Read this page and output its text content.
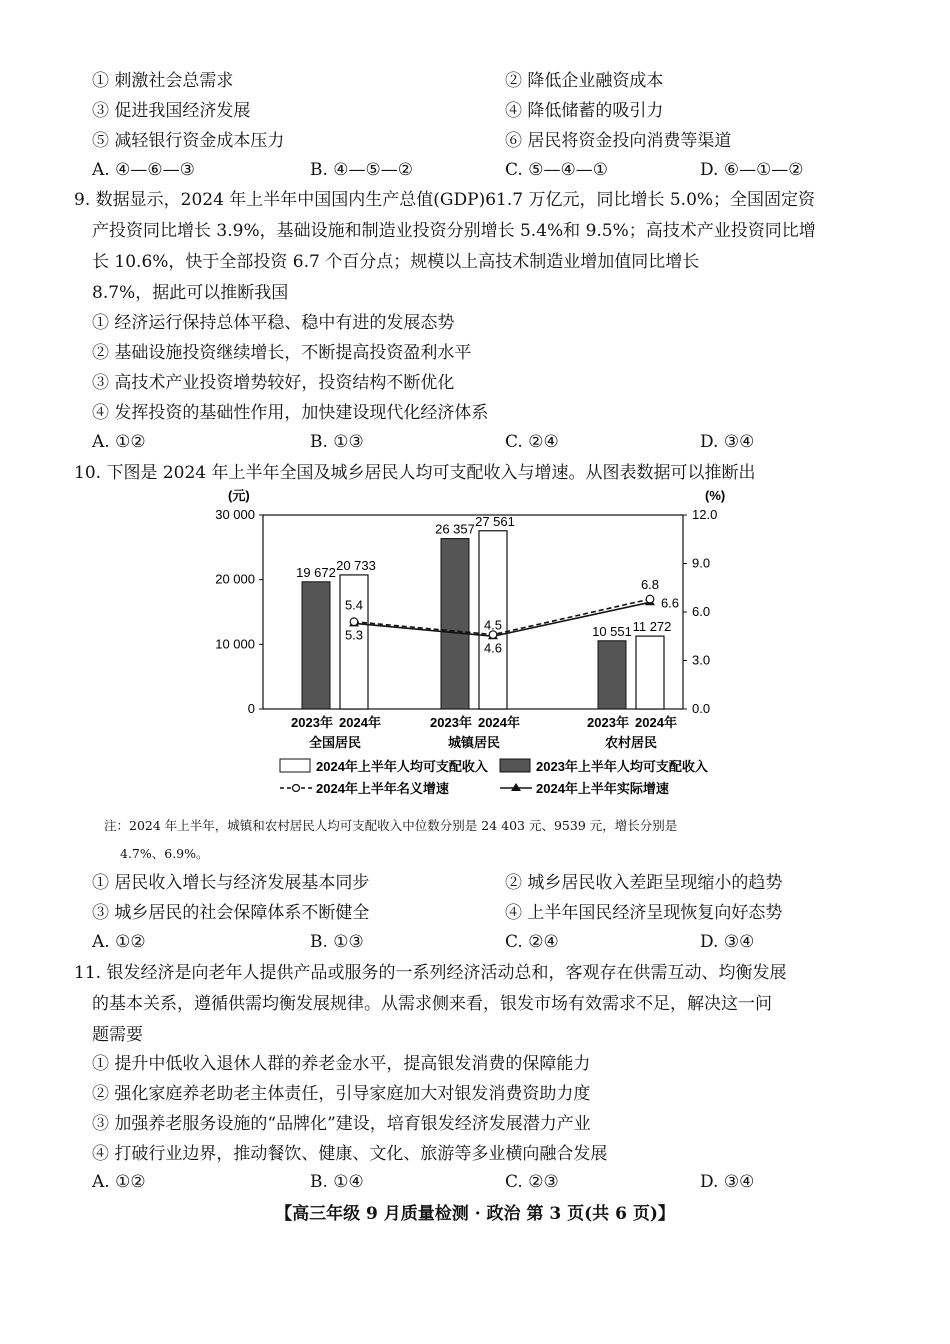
① 刺激社会总需求	② 降低企业融资成本
③ 促进我国经济发展	④ 降低储蓄的吸引力
⑤ 减轻银行资金成本压力	⑥ 居民将资金投向消费等渠道
A. ④—⑥—③	B. ④—⑤—②	C. ⑤—④—①	D. ⑥—①—②
9. 数据显示，2024 年上半年中国国内生产总值(GDP)61.7 万亿元，同比增长 5.0%；全国固定资
产投资同比增长 3.9%，基础设施和制造业投资分别增长 5.4%和 9.5%；高技术产业投资同比增
长 10.6%，快于全部投资 6.7 个百分点；规模以上高技术制造业增加值同比增长
8.7%，据此可以推断我国
① 经济运行保持总体平稳、稳中有进的发展态势
② 基础设施投资继续增长，不断提高投资盈利水平
③ 高技术产业投资增势较好，投资结构不断优化
④ 发挥投资的基础性作用，加快建设现代化经济体系
A. ①②	B. ①③	C. ②④	D. ③④
10. 下图是 2024 年上半年全国及城乡居民人均可支配收入与增速。从图表数据可以推断出
(元)	(%)
0
10 000
20 000
30 000
0.0
3.0
6.0
9.0
12.0
19 672 20 733
26 357
27 561
10 551 11 272
5.4
4.6
6.8
5.3
4.5
6.6
2023年 2024年
全国居民
2023年 2024年
城镇居民
2023年 2024年
农村居民
2024年上半年人均可支配收入	2023年上半年人均可支配收入
2024年上半年名义增速	2024年上半年实际增速
注：2024 年上半年，城镇和农村居民人均可支配收入中位数分别是 24 403 元、9539 元，增长分别是
4.7%、6.9%。
① 居民收入增长与经济发展基本同步	② 城乡居民收入差距呈现缩小的趋势
③ 城乡居民的社会保障体系不断健全	④ 上半年国民经济呈现恢复向好态势
A. ①②	B. ①③	C. ②④	D. ③④
11. 银发经济是向老年人提供产品或服务的一系列经济活动总和，客观存在供需互动、均衡发展
的基本关系，遵循供需均衡发展规律。从需求侧来看，银发市场有效需求不足，解决这一问
题需要
① 提升中低收入退休人群的养老金水平，提高银发消费的保障能力
② 强化家庭养老助老主体责任，引导家庭加大对银发消费资助力度
③ 加强养老服务设施的“品牌化”建设，培育银发经济发展潜力产业
④ 打破行业边界，推动餐饮、健康、文化、旅游等多业横向融合发展
A. ①②	B. ①④	C. ②③	D. ③④
【高三年级 9 月质量检测 · 政治 第 3 页(共 6 页)】
